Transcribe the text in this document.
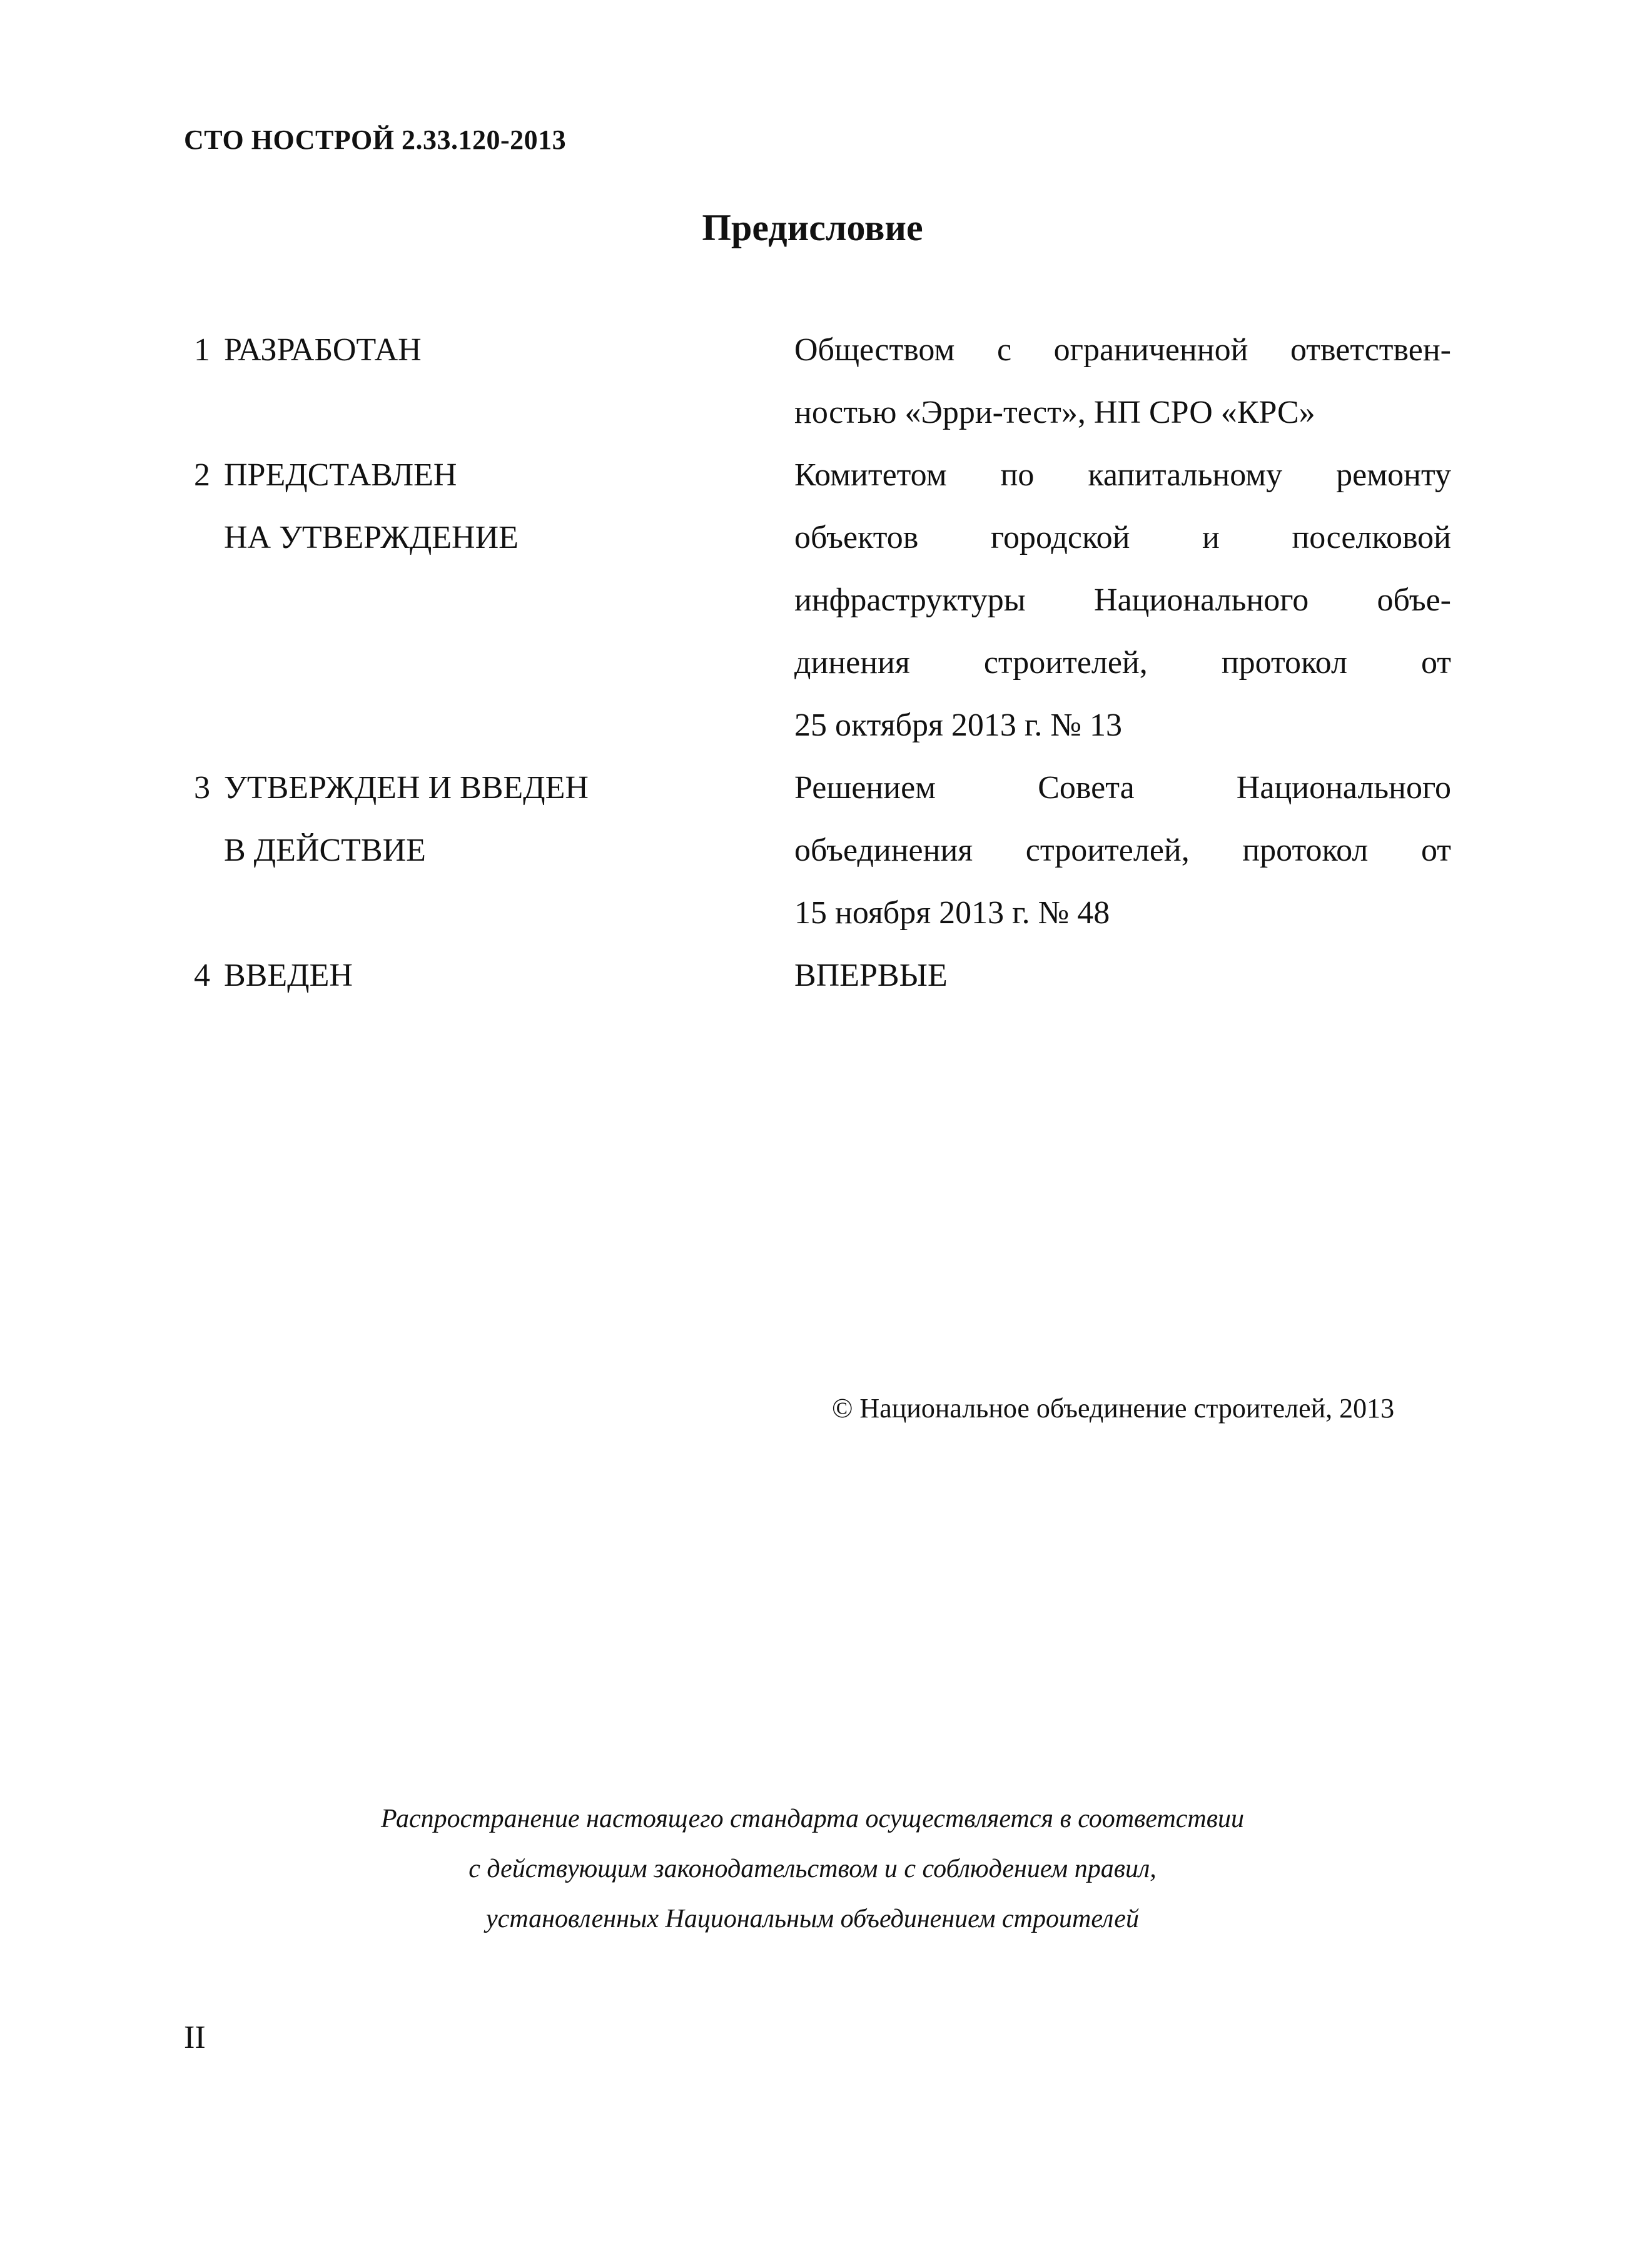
СТО НОСТРОЙ 2.33.120-2013
Предисловие
1 РАЗРАБОТАН	Обществом с ограниченной ответствен-
ностью «Эрри-тест», НП СРО «КРС»
2 ПРЕДСТАВЛЕН
НА УТВЕРЖДЕНИЕ
Комитетом по капитальному ремонту
объектов городской и поселковой
инфраструктуры Национального объе-
динения строителей, протокол от
25 октября 2013 г. № 13
3 УТВЕРЖДЕН И ВВЕДЕН
В ДЕЙСТВИЕ
Решением Совета Национального
объединения строителей, протокол от
15 ноября 2013 г. № 48
4 ВВЕДЕН	ВПЕРВЫЕ
© Национальное объединение строителей, 2013
Распространение настоящего стандарта осуществляется в соответствии
с действующим законодательством и с соблюдением правил,
установленных Национальным объединением строителей
II
